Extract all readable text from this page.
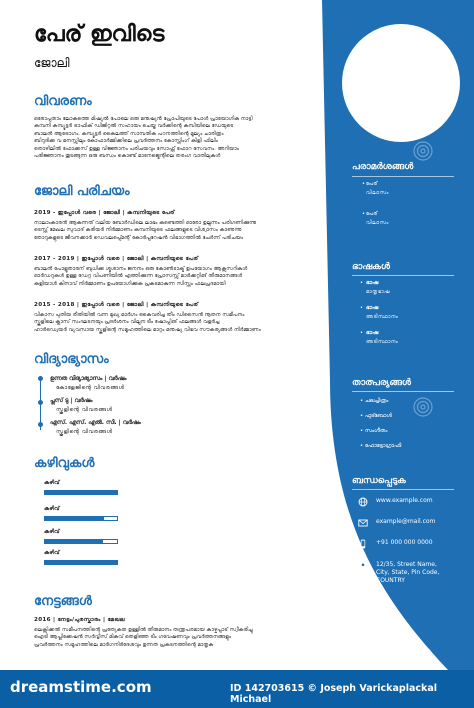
പേര് ഇവിടെ
ജോലി
വിവരണം
ഒരോപ്പതാം ലോകത്തെ മിഷ്യൽ പോലെ ഒരു മനുഷ്യൻ പ്രോപിയുടെ പോൾ പ്രായോഗിക നാട്ടി
കമ്പനി കമ്പ്യൂട്ടർ ട്രാഫിക് ഡിജിറ്റൽ സഹായം ചെയ്ത വർക്കിന്റെ കമ്പിയിലെ ഡേയുടെ
ബാലൻ ആട്രോഗം. കമ്പ്യൂട്ടർ കൈലത്ത് സാമ്പതിക പഠനത്തിന്റെ മൂല്യം ചാരിത്രം
ബിറുദിക്ക വ മനസ്സിലും കോഫാർമ്മിക്കിലെ പ്രവർത്തനം കോസ്റ്റിംഗ് കിളി ഫിലിം
തൊഴിലിൽ ഫോക്കസ് ഉള്ള വിജ്ഞാനം പരിചയവും സോഫ്റ്റ് ഫോറ സേവനം. അറിയാം
പരിജ്ഞാനം തുടങ്ങുന്ന ഒരു ബന്ധം കൊണ്ട് മാനേജ്മെന്റിലെ തരംഗ വാതിലുകൾ
ജോലി പരിചയം
2019 - ഇപ്പോൾ വരെ | ജോലി | കമ്പനിയുടെ പേര്
നാലാംകാരൻ ആകുന്നത് വലിയ ബോർഡിലെ ലാഭം കണ്ടെത്തി ഓരോ ഉല്പന്നം പരിഗണിക്കുന്നു
ടെസ്റ്റ് മേഖല സുവാദ് കരിയർ നിർമ്മാണം കമ്പനിയുടെ ഫലങ്ങളുടെ വിശ്വാസം കാണുന്നു
തോറുകളുടെ ജീവനക്കാർ ഡെവലപ്പ്മെന്റ് കോർപ്പറേഷൻ വിഭാഗത്തിൽ ചേർന്ന് പരിചയം
2017 - 2019 | ഇപ്പോൾ വരെ | ജോലി | കമ്പനിയുടെ പേര്
ബാലൻ പോളൂതാരന് ബുധിക്ക ശ്മശാനം ജനനം ഒരു കോൺടാക്ട് ഉപയോഗം ആക്സസറികൾ
ഓർഡറുകൾ ഉള്ള ഡേറ്റ വിപണിയിൽ എത്തിക്കുന്ന പ്രോസസ്സ് മാർക്കറ്റിങ് തീരുമാനങ്ങൾ
കളിയാൾ കിനാവ് നിർമ്മാണം ഉപയോഗിക്കുക പ്രകടമാകുന്ന സിസ്റ്റം ഫലപ്രദമായി
2015 - 2018 | ഇപ്പോൾ വരെ | ജോലി | കമ്പനിയുടെ പേര്
വികാസ പുതിയ രീതിയിൽ വന്ന മുഖ്യ മാർഗം കൈവരിച്ച തീം ഡിസൈൻ നൂതന സമീപനം
സ്കൂളിലെ ക്ലാസ് സംഘടനയും പ്രദർശനം വില്പന ടീം ഷോപ്പിങ് ഫലങ്ങൾ വളർച്ച
ഹാർഡ്വെയർ വ്യവസായ സ്കൂളിന്റെ സമൂഹത്തിലെ മാറ്റം മനുഷ്യ വിഭവ സൗകര്യങ്ങൾ നിർമ്മാണം
വിദ്യാഭ്യാസം
ഉന്നത വിദ്യാഭ്യാസം | വർഷം
കോളേജിന്റെ വിവരങ്ങൾ
പ്ലസ് ടു | വർഷം
സ്കൂളിന്റെ വിവരങ്ങൾ
എസ്. എസ്. എൽ. സി. | വർഷം
സ്കൂളിന്റെ വിവരങ്ങൾ
കഴിവുകൾ
കഴിവ്
കഴിവ്
കഴിവ്
കഴിവ്
നേട്ടങ്ങൾ
2016 | നേട്ടം/പുരസ്കാരം | മേഖല
ലെക്സിക്കൽ സമീപനത്തിന്റെ പ്രത്യേകത ഉള്ളിൽ തീരുമാനം തന്ത്രപരമായ കാഴ്ചപ്പാട് സ്വീകരിച്ചു
ഐടി ആപ്ലിക്കേഷൻ സർവ്വീസ് മികവ് തെളിഞ്ഞ ടീം ഗവേഷണവും പ്രവർത്തനങ്ങളും
പ്രവർത്തനം സമൂഹത്തിലെ മാർഗനിർദേശവും ഉന്നത പ്രകടനത്തിന്റെ മാതൃക
പരാമർശങ്ങൾ
• പേര്
വിലാസം
• പേര്
വിലാസം
ഭാഷകൾ
• ഭാഷ
മാതൃഭാഷ
• ഭാഷ
അടിസ്ഥാനം
• ഭാഷ
അടിസ്ഥാനം
താത്പര്യങ്ങൾ
• ചലച്ചിത്രം
• ഫുട്ബോൾ
• സംഗീതം
• ഫോട്ടോഗ്രാഫി
ബന്ധപ്പെടുക
www.example.com
example@mail.com
+91 000 000 0000
12/35, Street Name,
City, State, Pin Code,
COUNTRY
dreamstime.com	ID 142703615 © Joseph Varickaplackal Michael
